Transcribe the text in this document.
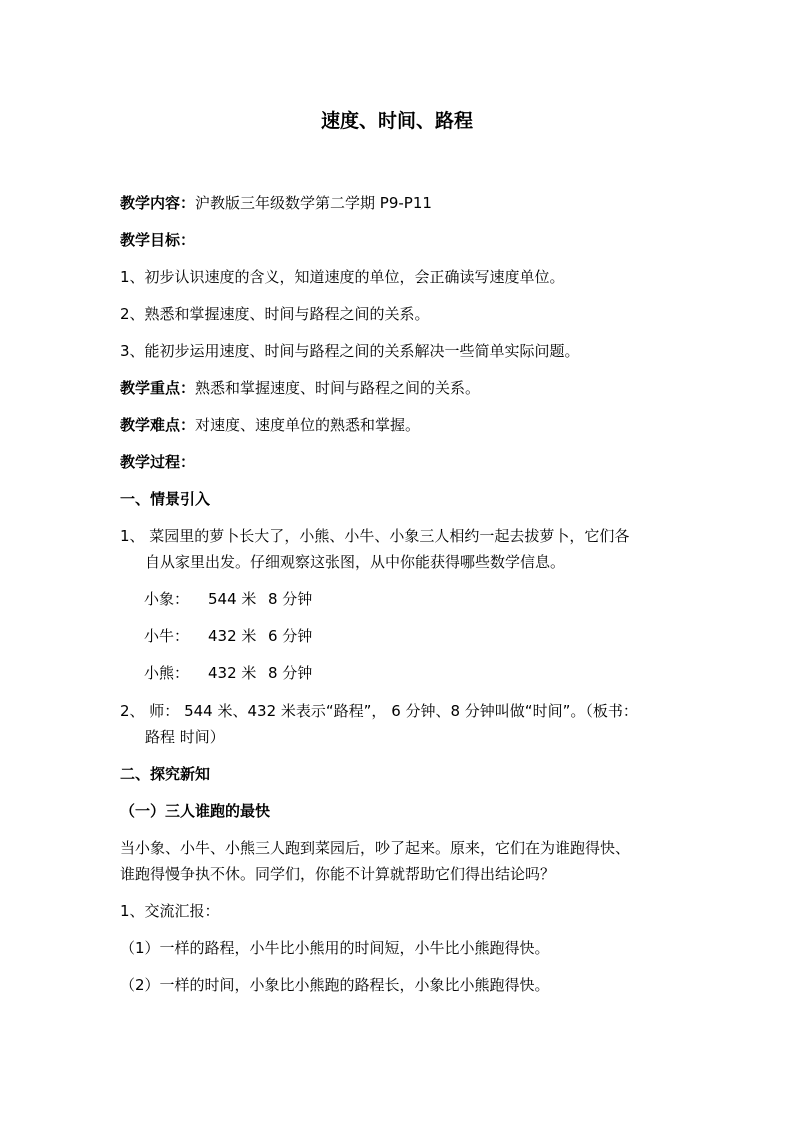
速度、时间、路程
教学内容：沪教版三年级数学第二学期 P9-P11
教学目标：
1、初步认识速度的含义，知道速度的单位，会正确读写速度单位。
2、熟悉和掌握速度、时间与路程之间的关系。
3、能初步运用速度、时间与路程之间的关系解决一些简单实际问题。
教学重点：熟悉和掌握速度、时间与路程之间的关系。
教学难点：对速度、速度单位的熟悉和掌握。
教学过程：
一、情景引入
1、 菜园里的萝卜长大了，小熊、小牛、小象三人相约一起去拔萝卜，它们各
自从家里出发。仔细观察这张图，从中你能获得哪些数学信息。
小象： 544 米 8 分钟
小牛： 432 米 6 分钟
小熊： 432 米 8 分钟
2、 师： 544 米、432 米表示“路程”， 6 分钟、8 分钟叫做“时间”。（板书：
路程 时间）
二、探究新知
（一）三人谁跑的最快
当小象、小牛、小熊三人跑到菜园后，吵了起来。原来，它们在为谁跑得快、
谁跑得慢争执不休。同学们，你能不计算就帮助它们得出结论吗？
1、交流汇报：
（1）一样的路程，小牛比小熊用的时间短，小牛比小熊跑得快。
（2）一样的时间，小象比小熊跑的路程长，小象比小熊跑得快。
